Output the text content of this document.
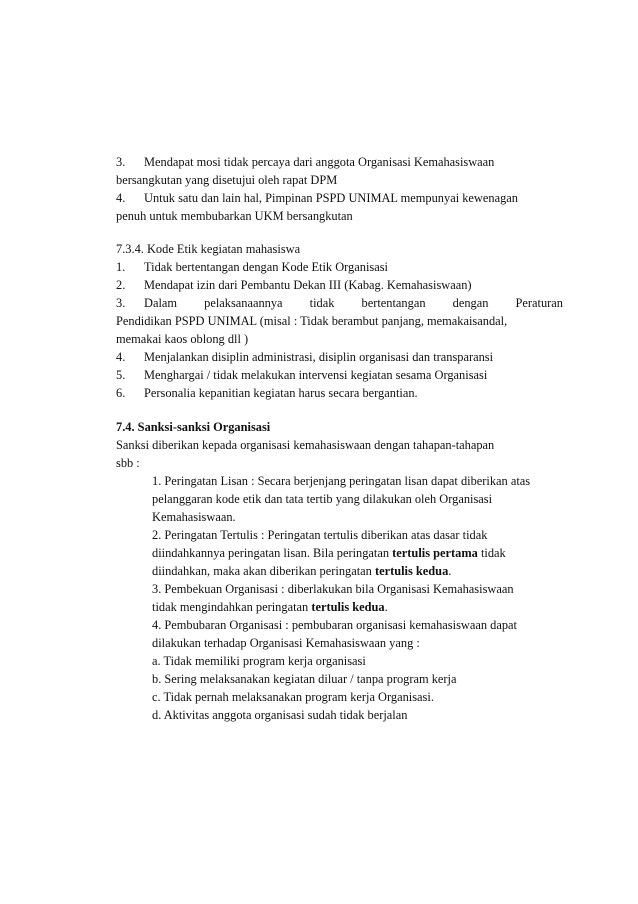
3. Mendapat mosi tidak percaya dari anggota Organisasi Kemahasiswaan
bersangkutan yang disetujui oleh rapat DPM
4. Untuk satu dan lain hal, Pimpinan PSPD UNIMAL mempunyai kewenagan
penuh untuk membubarkan UKM bersangkutan
7.3.4. Kode Etik kegiatan mahasiswa
1. Tidak bertentangan dengan Kode Etik Organisasi
2. Mendapat izin dari Pembantu Dekan III (Kabag. Kemahasiswaan)
3. Dalam pelaksanaannya tidak bertentangan dengan Peraturan
Pendidikan PSPD UNIMAL (misal : Tidak berambut panjang, memakaisandal,
memakai kaos oblong dll )
4. Menjalankan disiplin administrasi, disiplin organisasi dan transparansi
5. Menghargai / tidak melakukan intervensi kegiatan sesama Organisasi
6. Personalia kepanitian kegiatan harus secara bergantian.
7.4. Sanksi-sanksi Organisasi
Sanksi diberikan kepada organisasi kemahasiswaan dengan tahapan-tahapan
sbb :
1. Peringatan Lisan : Secara berjenjang peringatan lisan dapat diberikan atas
pelanggaran kode etik dan tata tertib yang dilakukan oleh Organisasi
Kemahasiswaan.
2. Peringatan Tertulis : Peringatan tertulis diberikan atas dasar tidak
diindahkannya peringatan lisan. Bila peringatan tertulis pertama tidak
diindahkan, maka akan diberikan peringatan tertulis kedua.
3. Pembekuan Organisasi : diberlakukan bila Organisasi Kemahasiswaan
tidak mengindahkan peringatan tertulis kedua.
4. Pembubaran Organisasi : pembubaran organisasi kemahasiswaan dapat
dilakukan terhadap Organisasi Kemahasiswaan yang :
a. Tidak memiliki program kerja organisasi
b. Sering melaksanakan kegiatan diluar / tanpa program kerja
c. Tidak pernah melaksanakan program kerja Organisasi.
d. Aktivitas anggota organisasi sudah tidak berjalan
